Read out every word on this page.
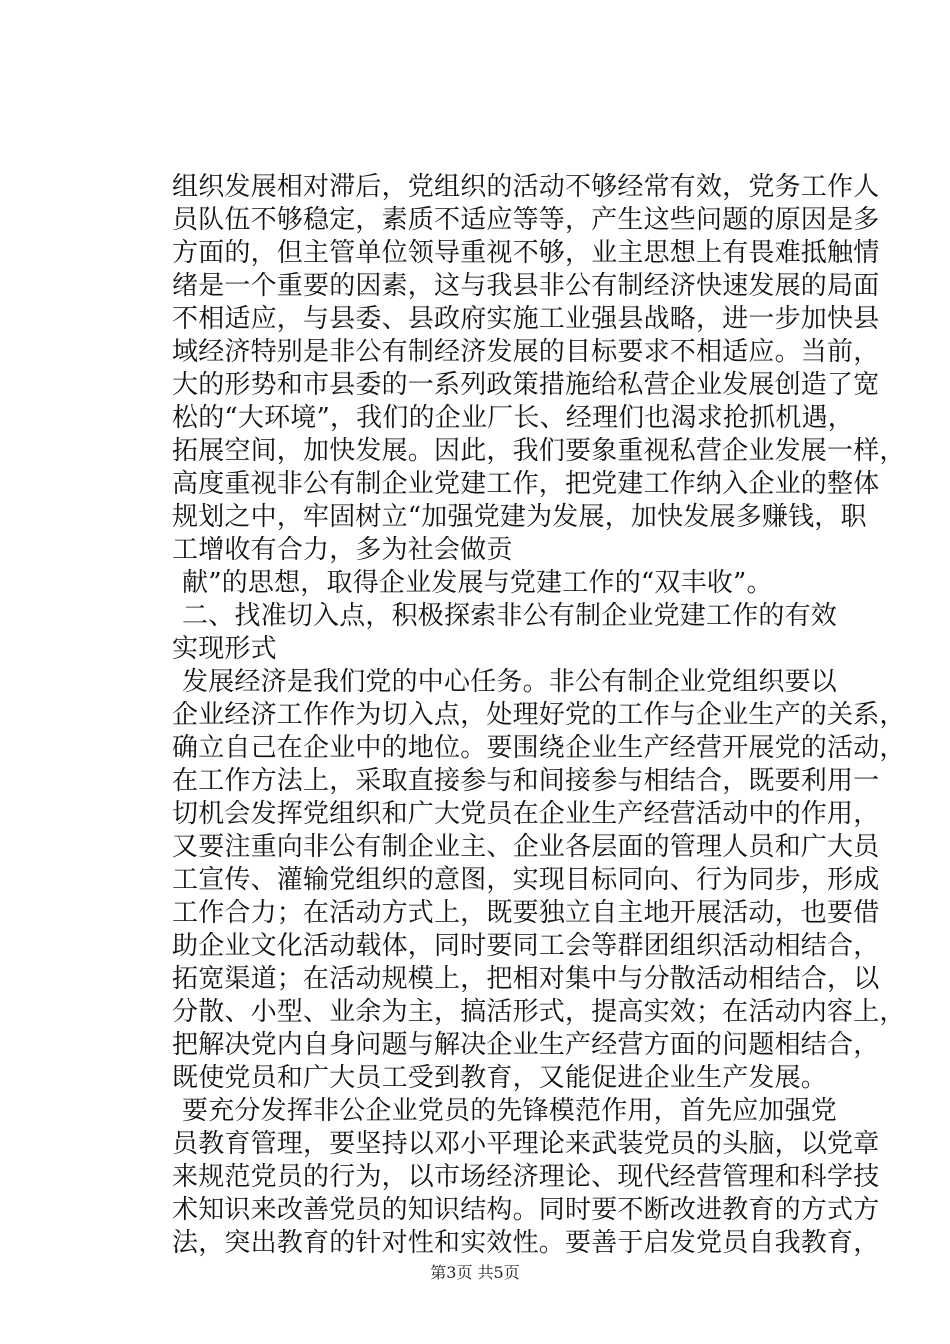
组织发展相对滞后，党组织的活动不够经常有效，党务工作人
员队伍不够稳定，素质不适应等等，产生这些问题的原因是多
方面的，但主管单位领导重视不够，业主思想上有畏难抵触情
绪是一个重要的因素，这与我县非公有制经济快速发展的局面
不相适应，与县委、县政府实施工业强县战略，进一步加快县
域经济特别是非公有制经济发展的目标要求不相适应。当前，
大的形势和市县委的一系列政策措施给私营企业发展创造了宽
松的“大环境”，我们的企业厂长、经理们也渴求抢抓机遇，
拓展空间，加快发展。因此，我们要象重视私营企业发展一样，
高度重视非公有制企业党建工作，把党建工作纳入企业的整体
规划之中，牢固树立“加强党建为发展，加快发展多赚钱，职
工增收有合力，多为社会做贡
献”的思想，取得企业发展与党建工作的“双丰收”。
二、找准切入点，积极探索非公有制企业党建工作的有效
实现形式
发展经济是我们党的中心任务。非公有制企业党组织要以
企业经济工作作为切入点，处理好党的工作与企业生产的关系，
确立自己在企业中的地位。要围绕企业生产经营开展党的活动，
在工作方法上，采取直接参与和间接参与相结合，既要利用一
切机会发挥党组织和广大党员在企业生产经营活动中的作用，
又要注重向非公有制企业主、企业各层面的管理人员和广大员
工宣传、灌输党组织的意图，实现目标同向、行为同步，形成
工作合力；在活动方式上，既要独立自主地开展活动，也要借
助企业文化活动载体，同时要同工会等群团组织活动相结合，
拓宽渠道；在活动规模上，把相对集中与分散活动相结合，以
分散、小型、业余为主，搞活形式，提高实效；在活动内容上，
把解决党内自身问题与解决企业生产经营方面的问题相结合，
既使党员和广大员工受到教育，又能促进企业生产发展。
要充分发挥非公企业党员的先锋模范作用，首先应加强党
员教育管理，要坚持以邓小平理论来武装党员的头脑，以党章
来规范党员的行为，以市场经济理论、现代经营管理和科学技
术知识来改善党员的知识结构。同时要不断改进教育的方式方
法，突出教育的针对性和实效性。要善于启发党员自我教育，
第3页 共5页
